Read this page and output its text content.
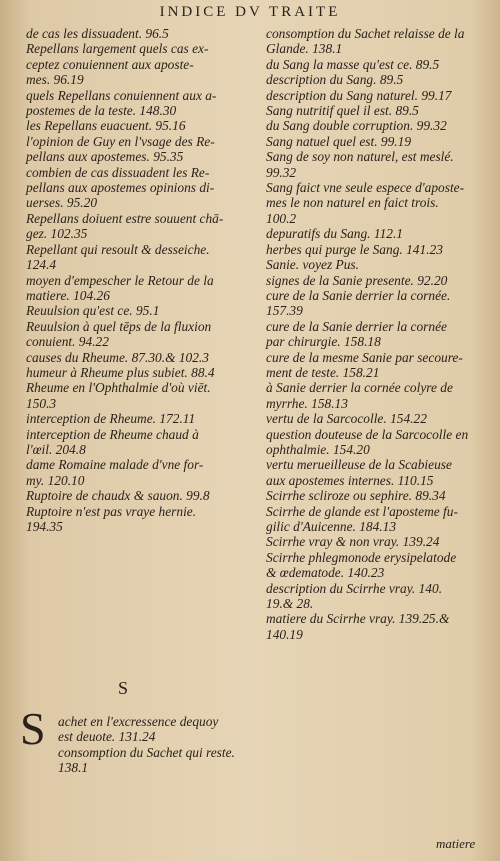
INDICE DV TRAITE
de cas les dissuadent. 96.5
Repellans largement quels cas ex-
ceptez conuiennent aux aposte-
mes. 96.19
quels Repellans conuiennent aux a-
postemes de la teste. 148.30
les Repellans euacuent. 95.16
l'opinion de Guy en l'vsage des Re-
pellans aux apostemes. 95.35
combien de cas dissuadent les Re-
pellans aux apostemes opinions di-
uerses. 95.20
Repellans doiuent estre souuent chā-
gez. 102.35
Repellant qui resoult & desseiche.
124.4
moyen d'empescher le Retour de la
matiere. 104.26
Reuulsion qu'est ce. 95.1
Reuulsion à quel tēps de la fluxion
conuient. 94.22
causes du Rheume. 87.30.& 102.3
humeur à Rheume plus subiet. 88.4
Rheume en l'Ophthalmie d'où viēt.
150.3
interception de Rheume. 172.11
interception de Rheume chaud à
l'œil. 204.8
dame Romaine malade d'vne for-
my. 120.10
Ruptoire de chaudx & sauon. 99.8
Ruptoire n'est pas vraye hernie.
194.35
S
S achet en l'excressence dequoy
est deuote. 131.24
consomption du Sachet qui reste.
138.1
consomption du Sachet relaisse de la
Glande. 138.1
du Sang la masse qu'est ce. 89.5
description du Sang. 89.5
description du Sang naturel. 99.17
Sang nutritif quel il est. 89.5
du Sang double corruption. 99.32
Sang natuel quel est. 99.19
Sang de soy non naturel, est meslé.
99.32
Sang faict vne seule espece d'aposte-
mes le non naturel en faict trois.
100.2
depuratifs du Sang. 112.1
herbes qui purge le Sang. 141.23
Sanie. voyez Pus.
signes de la Sanie presente. 92.20
cure de la Sanie derrier la cornée.
157.39
cure de la Sanie derrier la cornée
par chirurgie. 158.18
cure de la mesme Sanie par secoure-
ment de teste. 158.21
à Sanie derrier la cornée colyre de
myrrhe. 158.13
vertu de la Sarcocolle. 154.22
question douteuse de la Sarcocolle en
ophthalmie. 154.20
vertu merueilleuse de la Scabieuse
aux apostemes internes. 110.15
Scirrhe scliroze ou sephire. 89.34
Scirrhe de glande est l'aposteme fu-
gilic d'Auicenne. 184.13
Scirrhe vray & non vray. 139.24
Scirrhe phlegmonode erysipelatode
& œdematode. 140.23
description du Scirrhe vray. 140.
19.& 28.
matiere du Scirrhe vray. 139.25.&
140.19
matiere
